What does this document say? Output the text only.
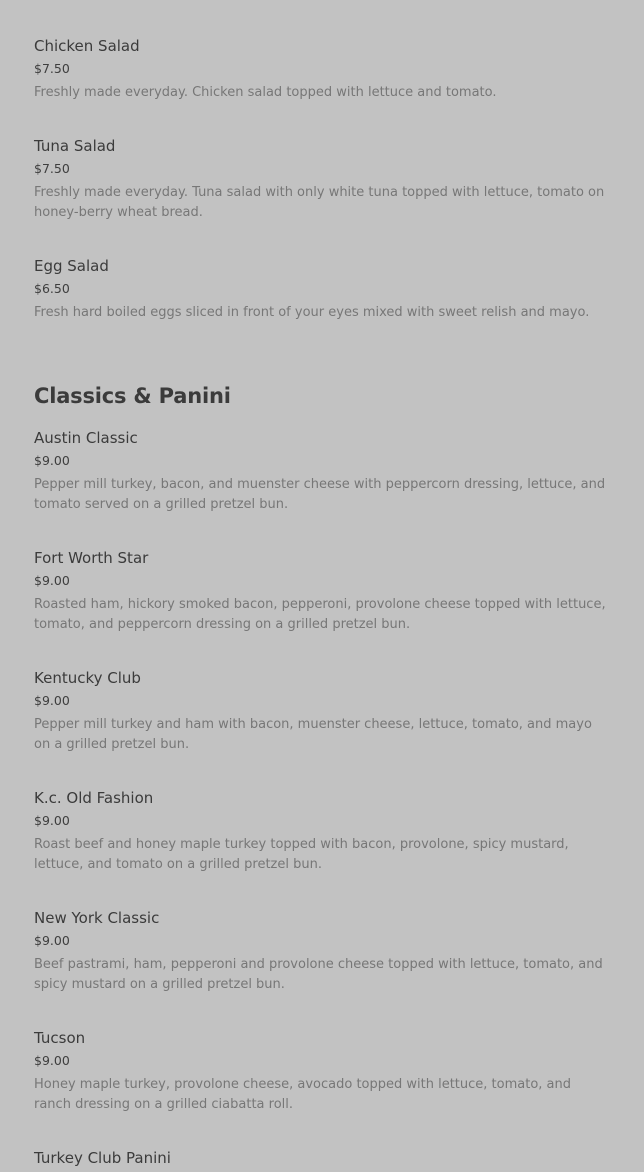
Chicken Salad
$7.50
Freshly made everyday. Chicken salad topped with lettuce and tomato.
Tuna Salad
$7.50
Freshly made everyday. Tuna salad with only white tuna topped with lettuce, tomato on honey-berry wheat bread.
Egg Salad
$6.50
Fresh hard boiled eggs sliced in front of your eyes mixed with sweet relish and mayo.
Classics & Panini
Austin Classic
$9.00
Pepper mill turkey, bacon, and muenster cheese with peppercorn dressing, lettuce, and tomato served on a grilled pretzel bun.
Fort Worth Star
$9.00
Roasted ham, hickory smoked bacon, pepperoni, provolone cheese topped with lettuce, tomato, and peppercorn dressing on a grilled pretzel bun.
Kentucky Club
$9.00
Pepper mill turkey and ham with bacon, muenster cheese, lettuce, tomato, and mayo on a grilled pretzel bun.
K.c. Old Fashion
$9.00
Roast beef and honey maple turkey topped with bacon, provolone, spicy mustard, lettuce, and tomato on a grilled pretzel bun.
New York Classic
$9.00
Beef pastrami, ham, pepperoni and provolone cheese topped with lettuce, tomato, and spicy mustard on a grilled pretzel bun.
Tucson
$9.00
Honey maple turkey, provolone cheese, avocado topped with lettuce, tomato, and ranch dressing on a grilled ciabatta roll.
Turkey Club Panini
